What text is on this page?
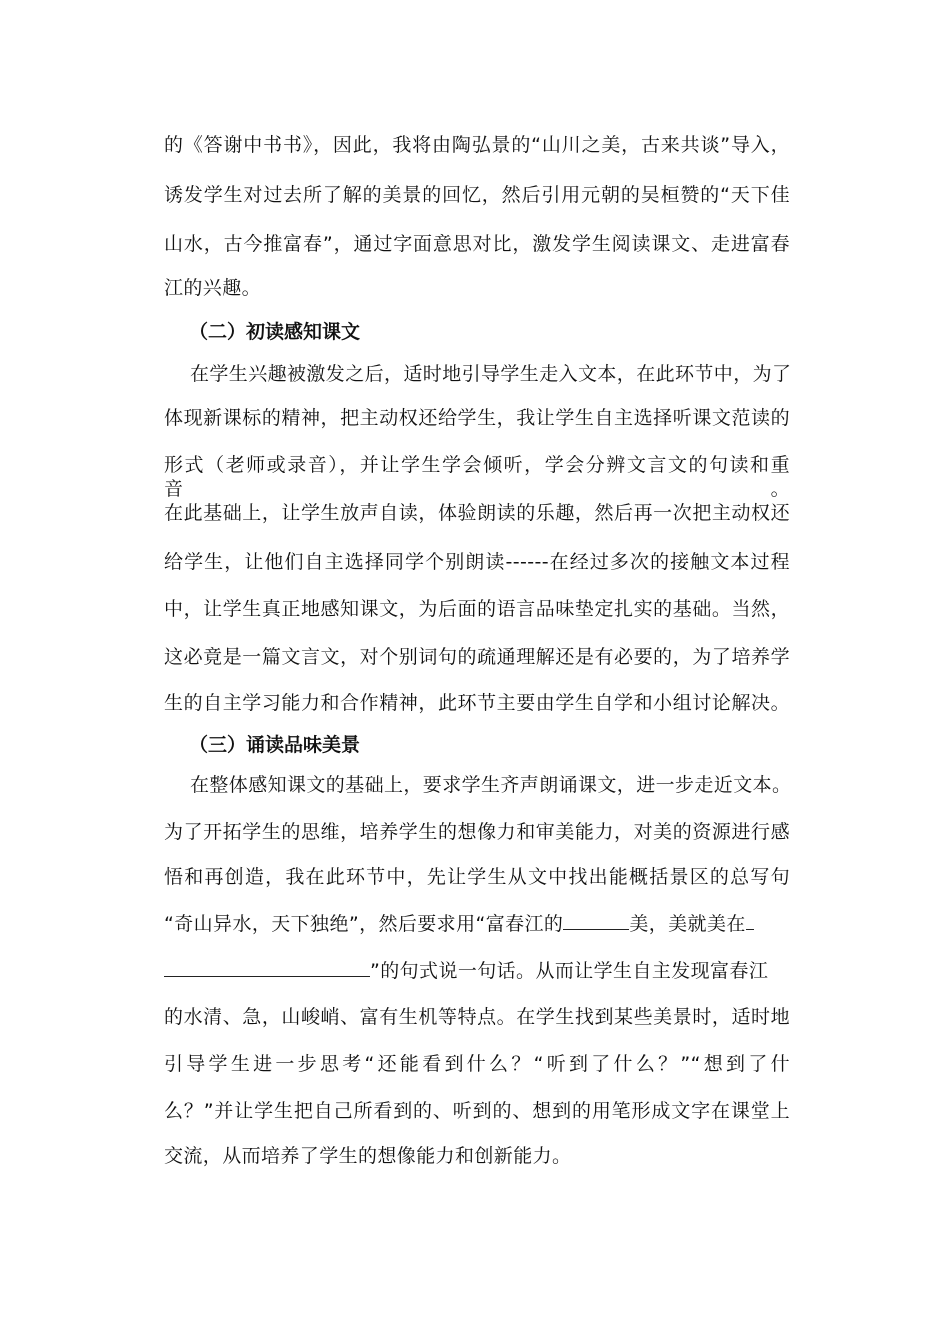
的《答谢中书书》，因此，我将由陶弘景的“山川之美，古来共谈”导入，
诱发学生对过去所了解的美景的回忆，然后引用元朝的吴桓赞的“天下佳
山水，古今推富春”，通过字面意思对比，激发学生阅读课文、走进富春
江的兴趣。
（二）初读感知课文
在学生兴趣被激发之后，适时地引导学生走入文本，在此环节中，为了
体现新课标的精神，把主动权还给学生，我让学生自主选择听课文范读的
形式（老师或录音），并让学生学会倾听，学会分辨文言文的句读和重音。
在此基础上，让学生放声自读，体验朗读的乐趣，然后再一次把主动权还
给学生，让他们自主选择同学个别朗读------在经过多次的接触文本过程
中，让学生真正地感知课文，为后面的语言品味垫定扎实的基础。当然，
这必竟是一篇文言文，对个别词句的疏通理解还是有必要的，为了培养学
生的自主学习能力和合作精神，此环节主要由学生自学和小组讨论解决。
（三）诵读品味美景
在整体感知课文的基础上，要求学生齐声朗诵课文，进一步走近文本。
为了开拓学生的思维，培养学生的想像力和审美能力，对美的资源进行感
悟和再创造，我在此环节中，先让学生从文中找出能概括景区的总写句
“奇山异水，天下独绝”，然后要求用“富春江的	美，美就美在
”的句式说一句话。从而让学生自主发现富春江
的水清、急，山峻峭、富有生机等特点。在学生找到某些美景时，适时地
引导学生进一步思考“还能看到什么？“听到了什么？”“想到了什
么？”并让学生把自己所看到的、听到的、想到的用笔形成文字在课堂上
交流，从而培养了学生的想像能力和创新能力。
